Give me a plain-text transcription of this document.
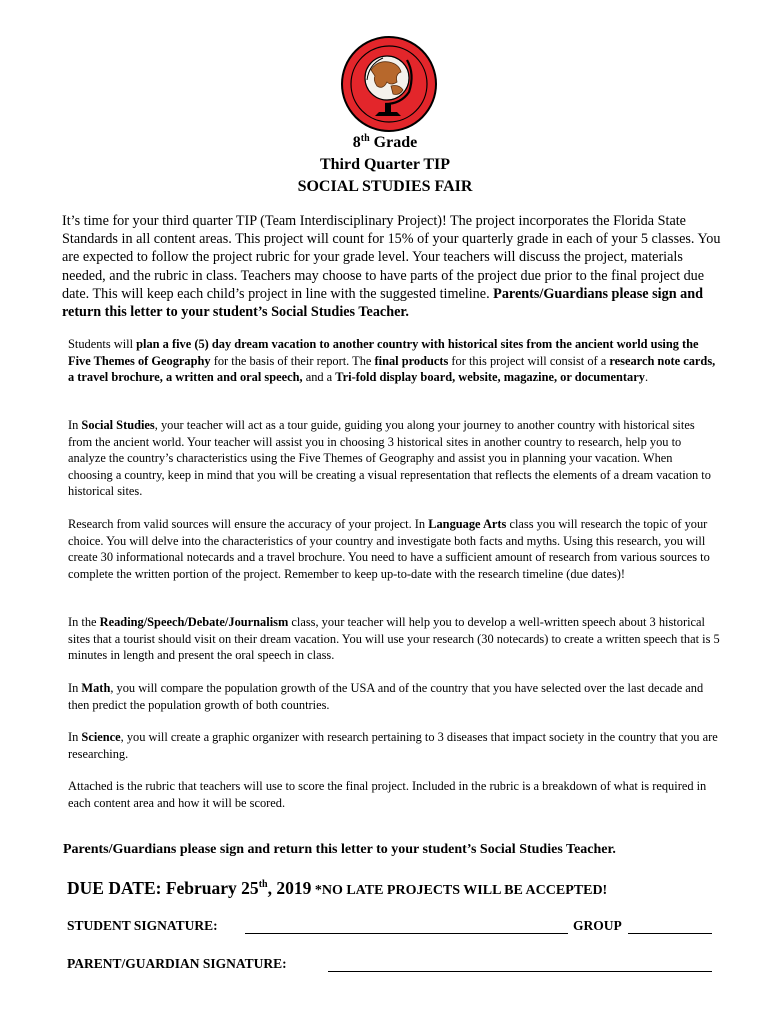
8th Grade
Third Quarter TIP
SOCIAL STUDIES FAIR
It’s time for your third quarter TIP (Team Interdisciplinary Project)! The project incorporates the Florida State Standards in all content areas. This project will count for 15% of your quarterly grade in each of your 5 classes. You are expected to follow the project rubric for your grade level. Your teachers will discuss the project, materials needed, and the rubric in class. Teachers may choose to have parts of the project due prior to the final project due date. This will keep each child’s project in line with the suggested timeline. Parents/Guardians please sign and return this letter to your student’s Social Studies Teacher.
Students will plan a five (5) day dream vacation to another country with historical sites from the ancient world using the Five Themes of Geography for the basis of their report. The final products for this project will consist of a research note cards, a travel brochure, a written and oral speech, and a Tri-fold display board, website, magazine, or documentary.
In Social Studies, your teacher will act as a tour guide, guiding you along your journey to another country with historical sites from the ancient world. Your teacher will assist you in choosing 3 historical sites in another country to research, help you to analyze the country’s characteristics using the Five Themes of Geography and assist you in planning your vacation. When choosing a country, keep in mind that you will be creating a visual representation that reflects the elements of a dream vacation to historical sites.
Research from valid sources will ensure the accuracy of your project. In Language Arts class you will research the topic of your choice. You will delve into the characteristics of your country and investigate both facts and myths. Using this research, you will create 30 informational notecards and a travel brochure. You need to have a sufficient amount of research from various sources to complete the written portion of the project. Remember to keep up-to-date with the research timeline (due dates)!
In the Reading/Speech/Debate/Journalism class, your teacher will help you to develop a well-written speech about 3 historical sites that a tourist should visit on their dream vacation. You will use your research (30 notecards) to create a written speech that is 5 minutes in length and present the oral speech in class.
In Math, you will compare the population growth of the USA and of the country that you have selected over the last decade and then predict the population growth of both countries.
In Science, you will create a graphic organizer with research pertaining to 3 diseases that impact society in the country that you are researching.
Attached is the rubric that teachers will use to score the final project. Included in the rubric is a breakdown of what is required in each content area and how it will be scored.
Parents/Guardians please sign and return this letter to your student’s Social Studies Teacher.
DUE DATE: February 25th, 2019 *NO LATE PROJECTS WILL BE ACCEPTED!
STUDENT SIGNATURE:	GROUP
PARENT/GUARDIAN SIGNATURE:
